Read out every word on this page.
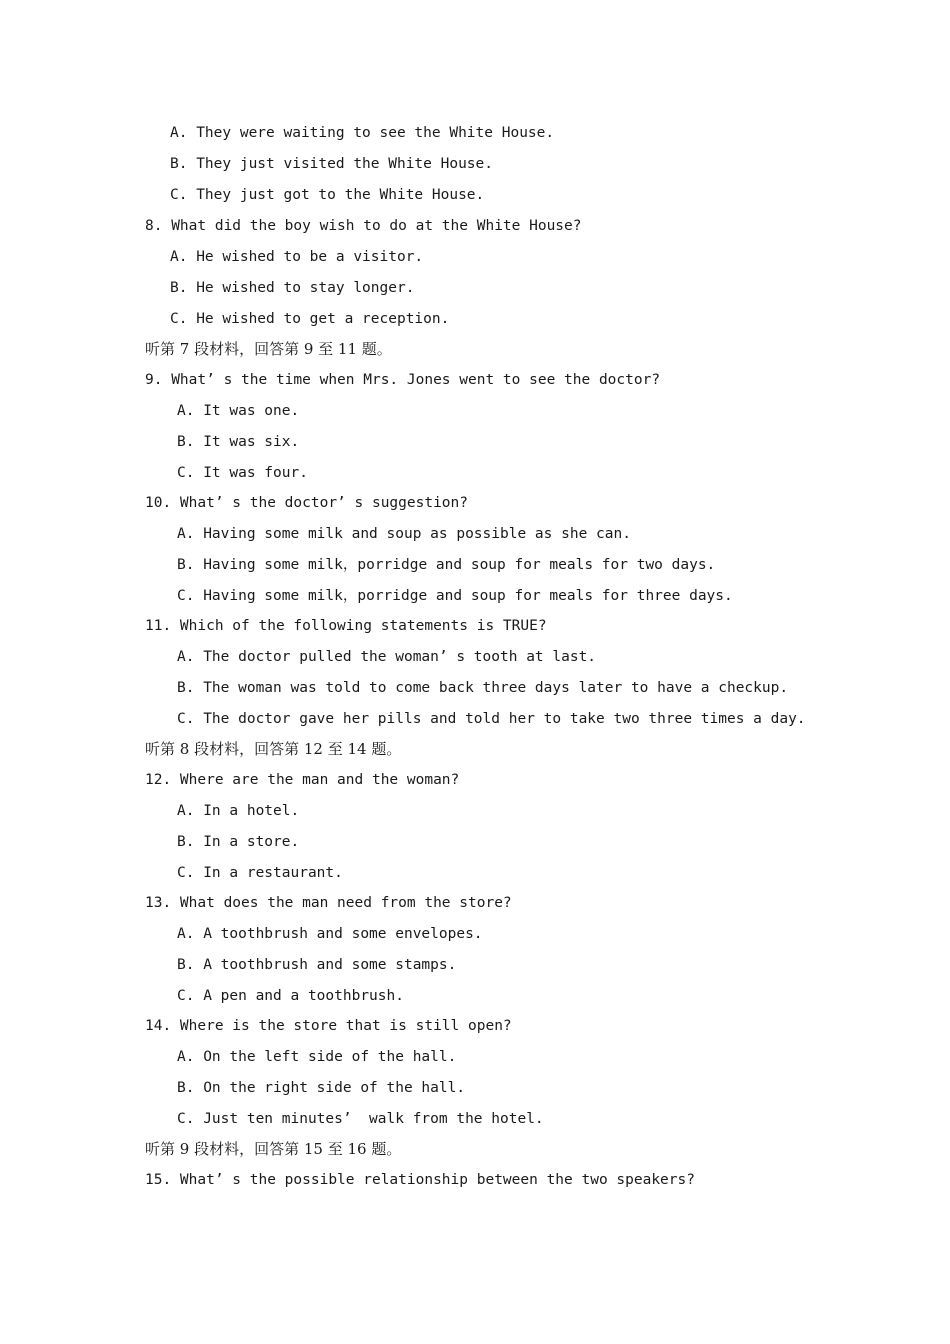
A. They were waiting to see the White House.
B. They just visited the White House.
C. They just got to the White House.
8. What did the boy wish to do at the White House?
A. He wished to be a visitor.
B. He wished to stay longer.
C. He wished to get a reception.
听第 7 段材料，回答第 9 至 11 题。
9. What’ s the time when Mrs. Jones went to see the doctor?
A. It was one.
B. It was six.
C. It was four.
10. What’ s the doctor’ s suggestion?
A. Having some milk and soup as possible as she can.
B. Having some milk，porridge and soup for meals for two days.
C. Having some milk，porridge and soup for meals for three days.
11. Which of the following statements is TRUE?
A. The doctor pulled the woman’ s tooth at last.
B. The woman was told to come back three days later to have a checkup.
C. The doctor gave her pills and told her to take two three times a day.
听第 8 段材料，回答第 12 至 14 题。
12. Where are the man and the woman?
A. In a hotel.
B. In a store.
C. In a restaurant.
13. What does the man need from the store?
A. A toothbrush and some envelopes.
B. A toothbrush and some stamps.
C. A pen and a toothbrush.
14. Where is the store that is still open?
A. On the left side of the hall.
B. On the right side of the hall.
C. Just ten minutes’  walk from the hotel.
听第 9 段材料，回答第 15 至 16 题。
15. What’ s the possible relationship between the two speakers?
